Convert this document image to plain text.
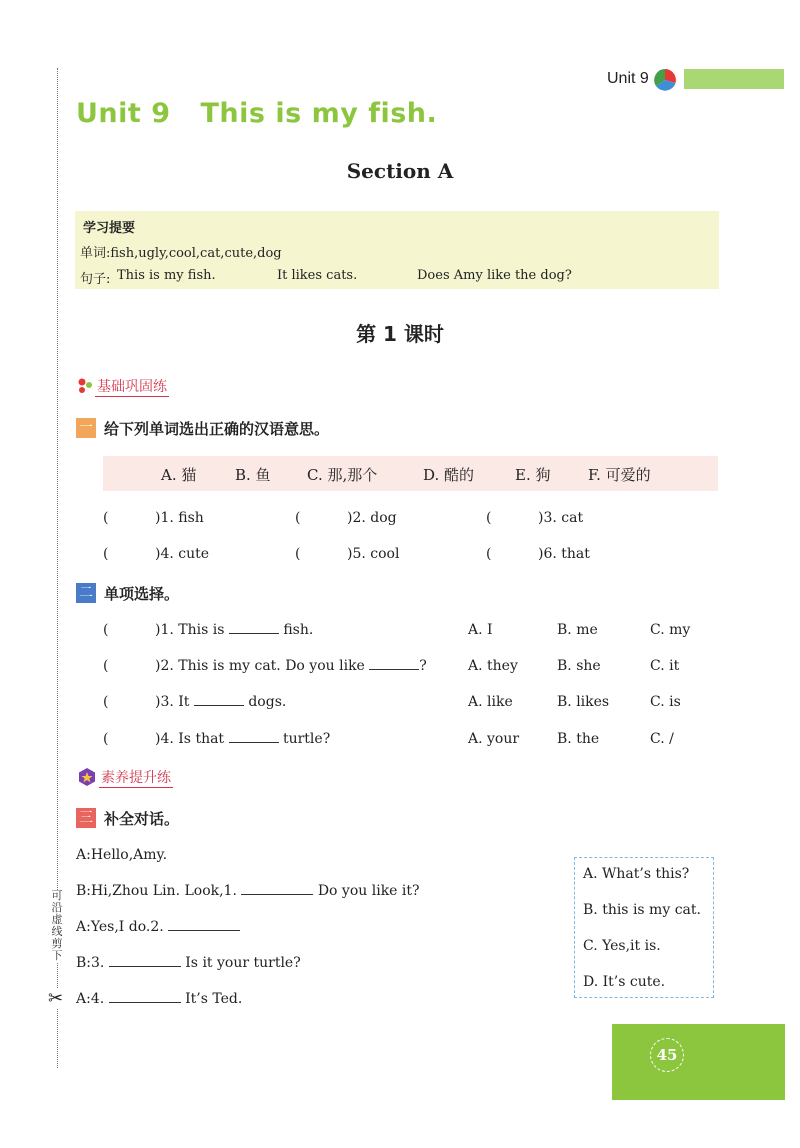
可沿虚线剪下
✂
Unit 9
Unit 9 This is my fish.
Section A
学习提要
单词:fish,ugly,cool,cat,cute,dog
句子: This is my fish.	It likes cats.	Does Amy like the dog?
第 1 课时
基础巩固练
一 给下列单词选出正确的汉语意思。
A. 猫	B. 鱼 C. 那,那个	D. 酷的	E. 狗	F. 可爱的
(	)1. fish	(	)2. dog	(	)3. cat
(	)4. cute	(	)5. cool	(	)6. that
二 单项选择。
(	)1. This is	fish.	A. I	B. me	C. my
(	)2. This is my cat. Do you like	?	A. they	B. she	C. it
(	)3. It	dogs.	A. like	B. likes	C. is
(	)4. Is that	turtle?	A. your	B. the	C. /
素养提升练
三 补全对话。
A:Hello,Amy.
B:Hi,Zhou Lin. Look,1.	Do you like it?
A:Yes,I do.2.
B:3.	Is it your turtle?
A:4.	It’s Ted.
A. What’s this?
B. this is my cat.
C. Yes,it is.
D. It’s cute.
45
